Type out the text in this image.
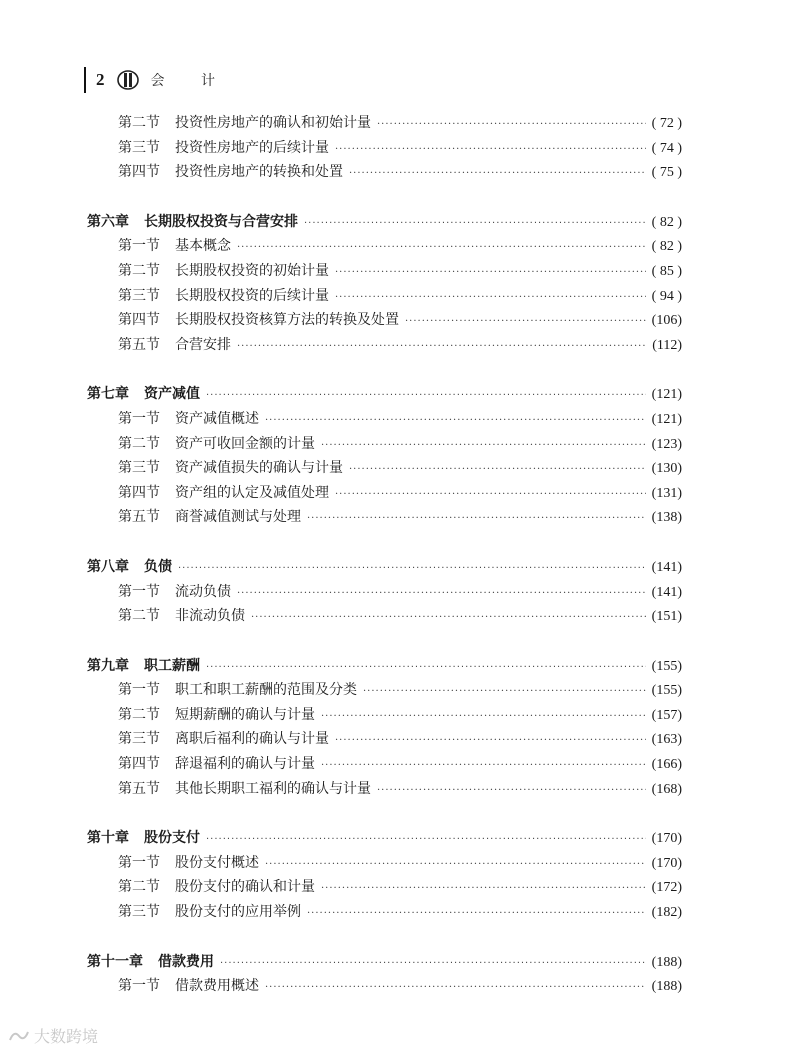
2	会 计
第二节 投资性房地产的确认和初始计量 ·····	( 72 )
第三节 投资性房地产的后续计量 ·····	( 74 )
第四节 投资性房地产的转换和处置 ·····	( 75 )
第六章 长期股权投资与合营安排 ·····	( 82 )
第一节 基本概念 ·····	( 82 )
第二节 长期股权投资的初始计量 ·····	( 85 )
第三节 长期股权投资的后续计量 ·····	( 94 )
第四节 长期股权投资核算方法的转换及处置 ·····	(106)
第五节 合营安排 ·····	(112)
第七章 资产减值 ·····	(121)
第一节 资产减值概述 ·····	(121)
第二节 资产可收回金额的计量 ·····	(123)
第三节 资产减值损失的确认与计量 ·····	(130)
第四节 资产组的认定及减值处理 ·····	(131)
第五节 商誉减值测试与处理 ·····	(138)
第八章 负债 ·····	(141)
第一节 流动负债 ·····	(141)
第二节 非流动负债 ·····	(151)
第九章 职工薪酬 ·····	(155)
第一节 职工和职工薪酬的范围及分类 ·····	(155)
第二节 短期薪酬的确认与计量 ·····	(157)
第三节 离职后福利的确认与计量 ·····	(163)
第四节 辞退福利的确认与计量 ·····	(166)
第五节 其他长期职工福利的确认与计量 ·····	(168)
第十章 股份支付 ·····	(170)
第一节 股份支付概述 ·····	(170)
第二节 股份支付的确认和计量 ·····	(172)
第三节 股份支付的应用举例 ·····	(182)
第十一章 借款费用 ·····	(188)
第一节 借款费用概述 ·····	(188)
大数跨境
